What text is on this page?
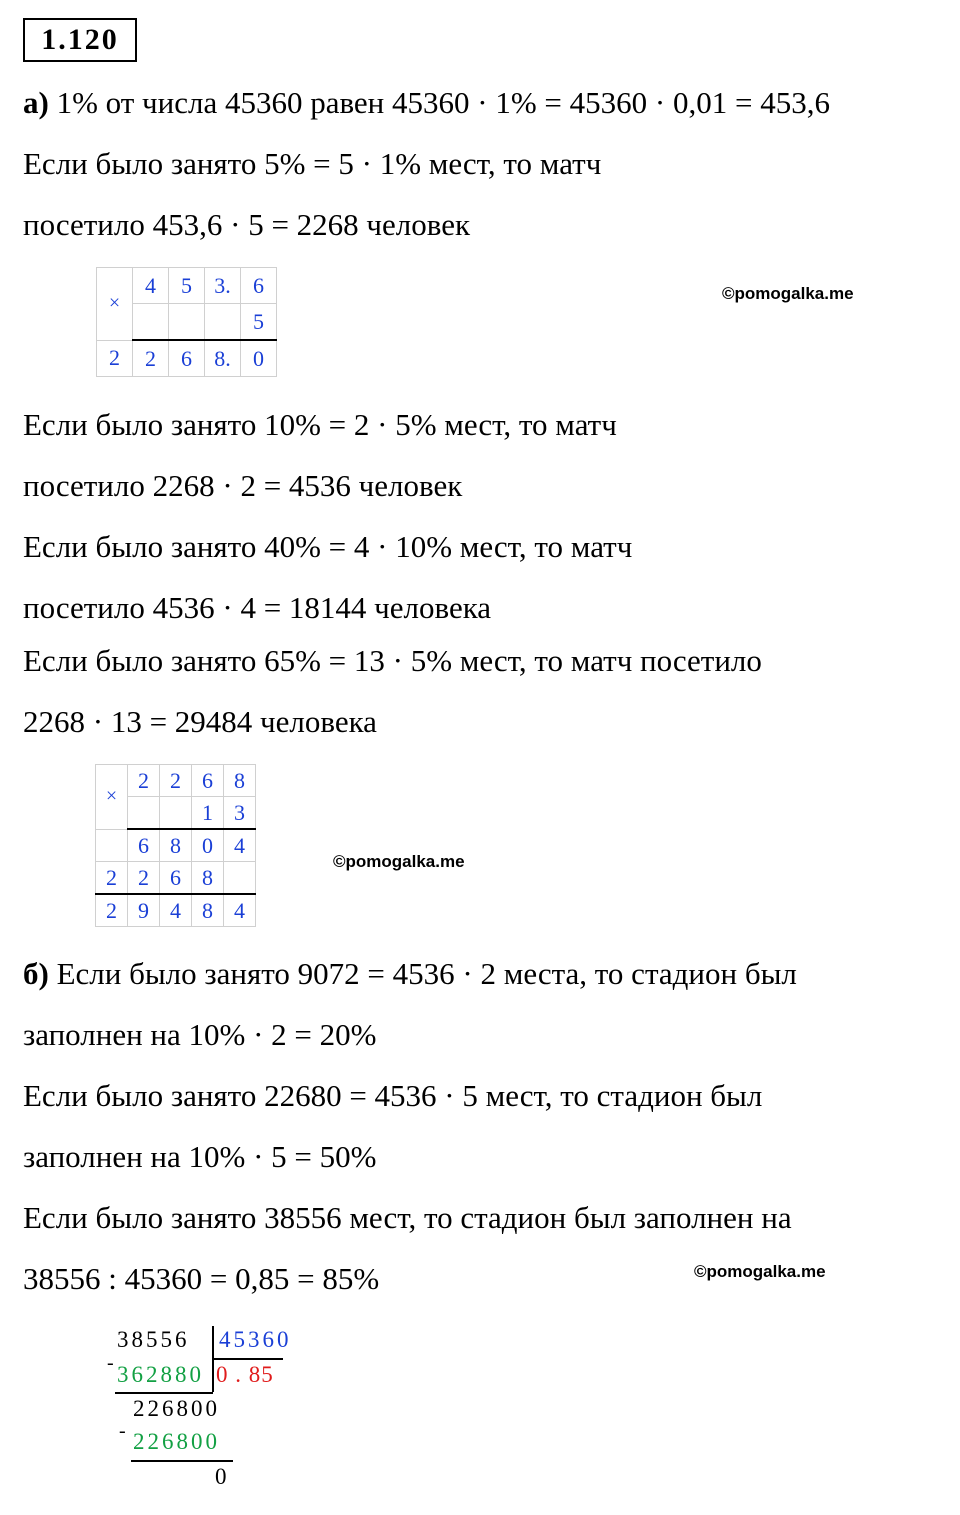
1.120
а) 1% от числа 45360 равен 45360 · 1% = 45360 · 0,01 = 453,6
Если было занято 5% = 5 · 1% мест, то матч
посетило 453,6 · 5 = 2268 человек
×	4	5	3.	6
				5
2	2	6	8.	0
©pomogalka.me
Если было занято 10% = 2 · 5% мест, то матч
посетило 2268 · 2 = 4536 человек
Если было занято 40% = 4 · 10% мест, то матч
посетило 4536 · 4 = 18144 человека
Если было занято 65% = 13 · 5% мест, то матч посетило
2268 · 13 = 29484 человека
×	2	2	6	8
			1	3
	6	8	0	4
2	2	6	8	
2	9	4	8	4
©pomogalka.me
б) Если было занято 9072 = 4536 · 2 места, то стадион был
заполнен на 10% · 2 = 20%
Если было занято 22680 = 4536 · 5 мест, то стадион был
заполнен на 10% · 5 = 50%
Если было занято 38556 мест, то стадион был заполнен на
38556 : 45360 = 0,85 = 85%	©pomogalka.me
38556 45360
- 362880 0 . 85
226800
- 226800
0
